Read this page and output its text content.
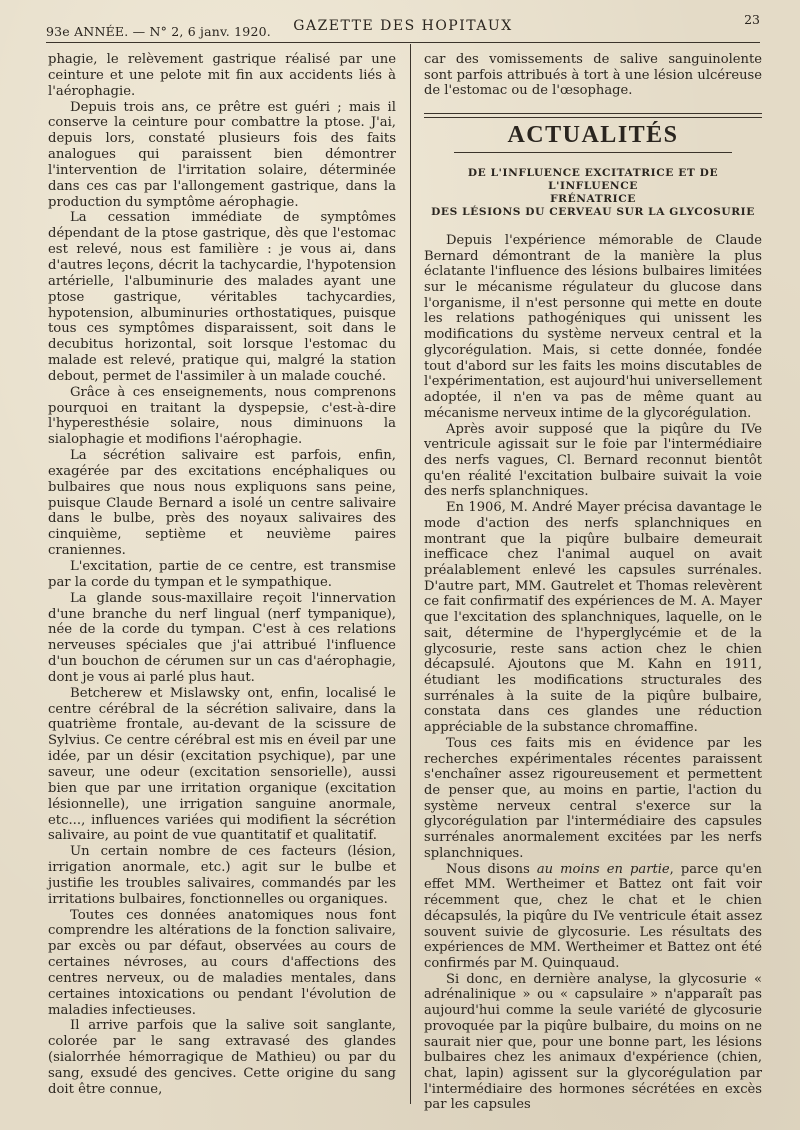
93e ANNÉE. — N° 2, 6 janv. 1920.	GAZETTE DES HOPITAUX	23

phagie, le relèvement gastrique réalisé par une ceinture et une pelote mit fin aux accidents liés à l'aérophagie.

Depuis trois ans, ce prêtre est guéri ; mais il conserve la ceinture pour combattre la ptose. J'ai, depuis lors, constaté plusieurs fois des faits analogues qui paraissent bien démontrer l'intervention de l'irritation solaire, déterminée dans ces cas par l'allongement gastrique, dans la production du symptôme aérophagie.

La cessation immédiate de symptômes dépendant de la ptose gastrique, dès que l'estomac est relevé, nous est familière : je vous ai, dans d'autres leçons, décrit la tachycardie, l'hypotension artérielle, l'albuminurie des malades ayant une ptose gastrique, véritables tachycardies, hypotension, albuminuries orthostatiques, puisque tous ces symptômes disparaissent, soit dans le decubitus horizontal, soit lorsque l'estomac du malade est relevé, pratique qui, malgré la station debout, permet de l'assimiler à un malade couché.

Grâce à ces enseignements, nous comprenons pourquoi en traitant la dyspepsie, c'est-à-dire l'hyperesthésie solaire, nous diminuons la sialophagie et modifions l'aérophagie.

La sécrétion salivaire est parfois, enfin, exagérée par des excitations encéphaliques ou bulbaires que nous nous expliquons sans peine, puisque Claude Bernard a isolé un centre salivaire dans le bulbe, près des noyaux salivaires des cinquième, septième et neuvième paires craniennes.

L'excitation, partie de ce centre, est transmise par la corde du tympan et le sympathique.

La glande sous-maxillaire reçoit l'innervation d'une branche du nerf lingual (nerf tympanique), née de la corde du tympan. C'est à ces relations nerveuses spéciales que j'ai attribué l'influence d'un bouchon de cérumen sur un cas d'aérophagie, dont je vous ai parlé plus haut.

Betcherew et Mislawsky ont, enfin, localisé le centre cérébral de la sécrétion salivaire, dans la quatrième frontale, au-devant de la scissure de Sylvius. Ce centre cérébral est mis en éveil par une idée, par un désir (excitation psychique), par une saveur, une odeur (excitation sensorielle), aussi bien que par une irritation organique (excitation lésionnelle), une irrigation sanguine anormale, etc..., influences variées qui modifient la sécrétion salivaire, au point de vue quantitatif et qualitatif.

Un certain nombre de ces facteurs (lésion, irrigation anormale, etc.) agit sur le bulbe et justifie les troubles salivaires, commandés par les irritations bulbaires, fonctionnelles ou organiques.

Toutes ces données anatomiques nous font comprendre les altérations de la fonction salivaire, par excès ou par défaut, observées au cours de certaines névroses, au cours d'affections des centres nerveux, ou de maladies mentales, dans certaines intoxications ou pendant l'évolution de maladies infectieuses.

Il arrive parfois que la salive soit sanglante, colorée par le sang extravasé des glandes (sialorrhée hémorragique de Mathieu) ou par du sang, exsudé des gencives. Cette origine du sang doit être connue,

car des vomissements de salive sanguinolente sont parfois attribués à tort à une lésion ulcéreuse de l'estomac ou de l'œsophage.

ACTUALITÉS
DE L'INFLUENCE EXCITATRICE ET DE L'INFLUENCE
FRÉNATRICE
DES LÉSIONS DU CERVEAU SUR LA GLYCOSURIE

Depuis l'expérience mémorable de Claude Bernard démontrant de la manière la plus éclatante l'influence des lésions bulbaires limitées sur le mécanisme régulateur du glucose dans l'organisme, il n'est personne qui mette en doute les relations pathogéniques qui unissent les modifications du système nerveux central et la glycorégulation. Mais, si cette donnée, fondée tout d'abord sur les faits les moins discutables de l'expérimentation, est aujourd'hui universellement adoptée, il n'en va pas de même quant au mécanisme nerveux intime de la glycorégulation.

Après avoir supposé que la piqûre du IVe ventricule agissait sur le foie par l'intermédiaire des nerfs vagues, Cl. Bernard reconnut bientôt qu'en réalité l'excitation bulbaire suivait la voie des nerfs splanchniques.

En 1906, M. André Mayer précisa davantage le mode d'action des nerfs splanchniques en montrant que la piqûre bulbaire demeurait inefficace chez l'animal auquel on avait préalablement enlevé les capsules surrénales. D'autre part, MM. Gautrelet et Thomas relevèrent ce fait confirmatif des expériences de M. A. Mayer que l'excitation des splanchniques, laquelle, on le sait, détermine de l'hyperglycémie et de la glycosurie, reste sans action chez le chien décapsulé. Ajoutons que M. Kahn en 1911, étudiant les modifications structurales des surrénales à la suite de la piqûre bulbaire, constata dans ces glandes une réduction appréciable de la substance chromaffine.

Tous ces faits mis en évidence par les recherches expérimentales récentes paraissent s'enchaîner assez rigoureusement et permettent de penser que, au moins en partie, l'action du système nerveux central s'exerce sur la glycorégulation par l'intermédiaire des capsules surrénales anormalement excitées par les nerfs splanchniques.

Nous disons au moins en partie, parce qu'en effet MM. Wertheimer et Battez ont fait voir récemment que, chez le chat et le chien décapsulés, la piqûre du IVe ventricule était assez souvent suivie de glycosurie. Les résultats des expériences de MM. Wertheimer et Battez ont été confirmés par M. Quinquaud.

Si donc, en dernière analyse, la glycosurie « adrénalinique » ou « capsulaire » n'apparaît pas aujourd'hui comme la seule variété de glycosurie provoquée par la piqûre bulbaire, du moins on ne saurait nier que, pour une bonne part, les lésions bulbaires chez les animaux d'expérience (chien, chat, lapin) agissent sur la glycorégulation par l'intermédiaire des hormones sécrétées en excès par les capsules
